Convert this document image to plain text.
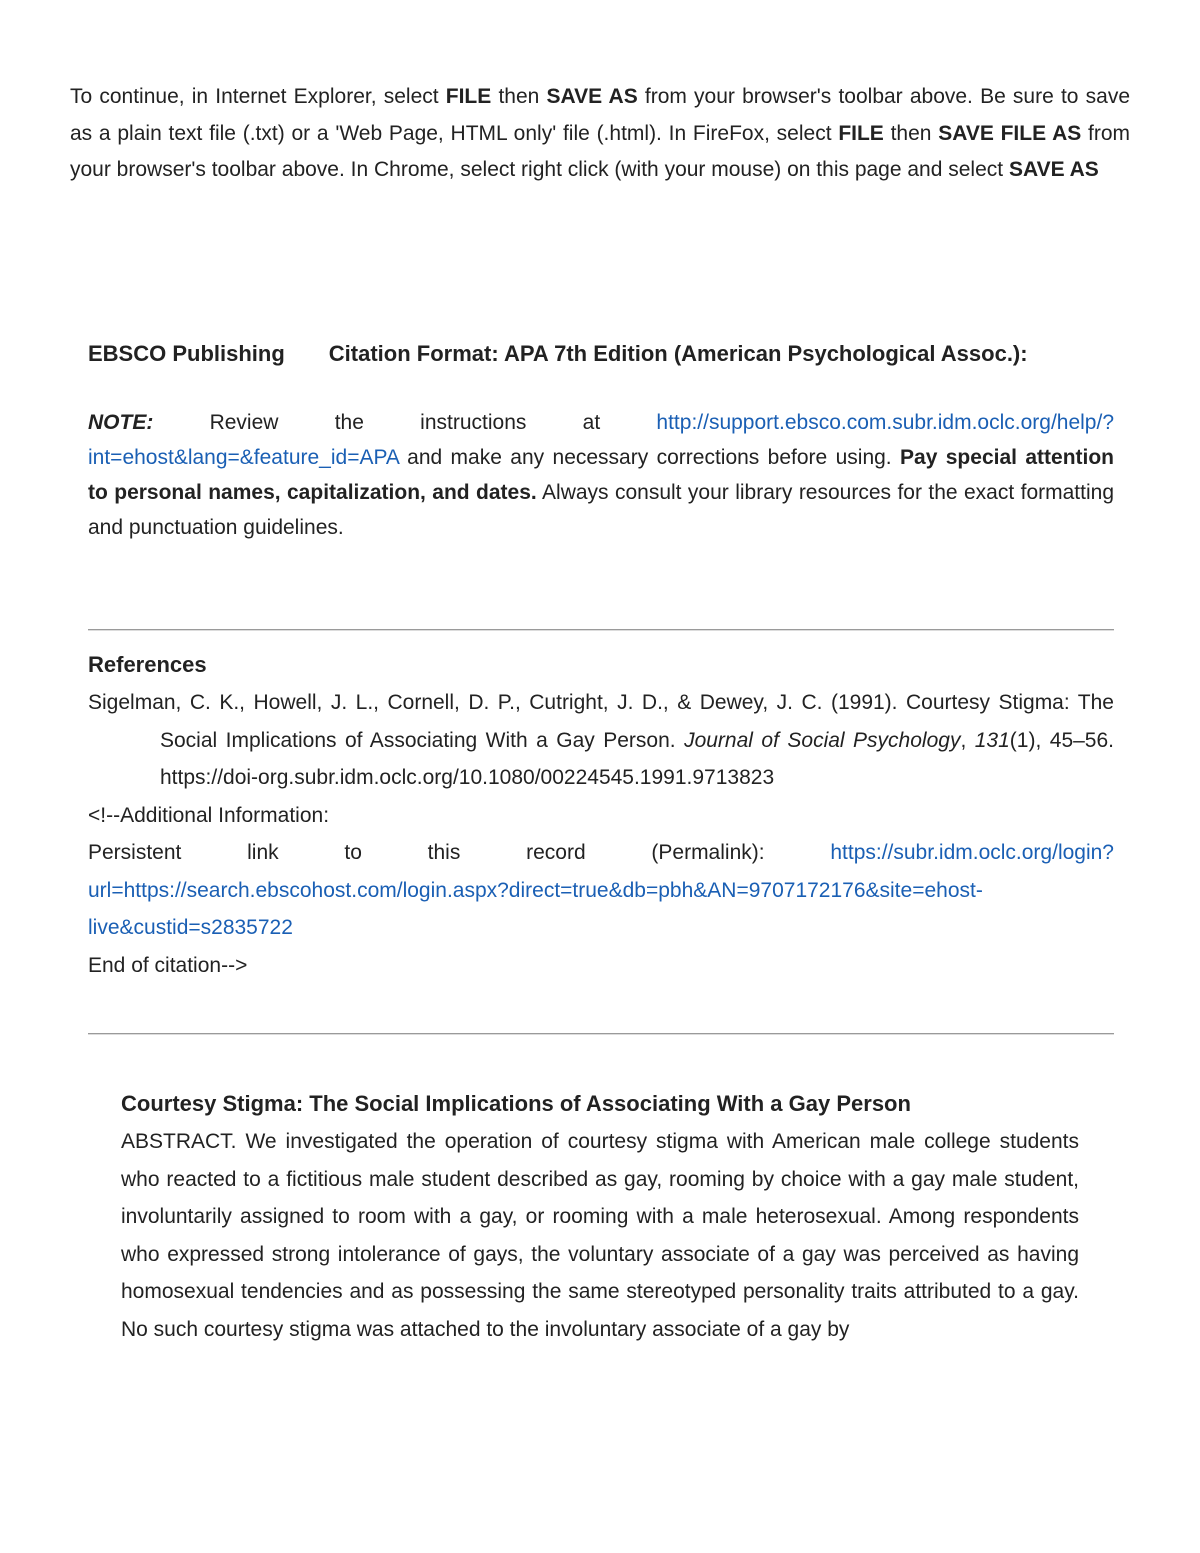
To continue, in Internet Explorer, select FILE then SAVE AS from your browser's toolbar above. Be sure to save as a plain text file (.txt) or a 'Web Page, HTML only' file (.html). In FireFox, select FILE then SAVE FILE AS from your browser's toolbar above. In Chrome, select right click (with your mouse) on this page and select SAVE AS

EBSCO Publishing Citation Format: APA 7th Edition (American Psychological Assoc.):

NOTE: Review the instructions at http://support.ebsco.com.subr.idm.oclc.org/help/?int=ehost&lang=&feature_id=APA and make any necessary corrections before using. Pay special attention to personal names, capitalization, and dates. Always consult your library resources for the exact formatting and punctuation guidelines.

References

Sigelman, C. K., Howell, J. L., Cornell, D. P., Cutright, J. D., & Dewey, J. C. (1991). Courtesy Stigma: The Social Implications of Associating With a Gay Person. Journal of Social Psychology, 131(1), 45–56. https://doi-org.subr.idm.oclc.org/10.1080/00224545.1991.9713823

<!--Additional Information:

Persistent link to this record (Permalink): https://subr.idm.oclc.org/login?url=https://search.ebscohost.com/login.aspx?direct=true&db=pbh&AN=9707172176&site=ehost-live&custid=s2835722

End of citation-->

Courtesy Stigma: The Social Implications of Associating With a Gay Person

ABSTRACT. We investigated the operation of courtesy stigma with American male college students who reacted to a fictitious male student described as gay, rooming by choice with a gay male student, involuntarily assigned to room with a gay, or rooming with a male heterosexual. Among respondents who expressed strong intolerance of gays, the voluntary associate of a gay was perceived as having homosexual tendencies and as possessing the same stereotyped personality traits attributed to a gay. No such courtesy stigma was attached to the involuntary associate of a gay by
